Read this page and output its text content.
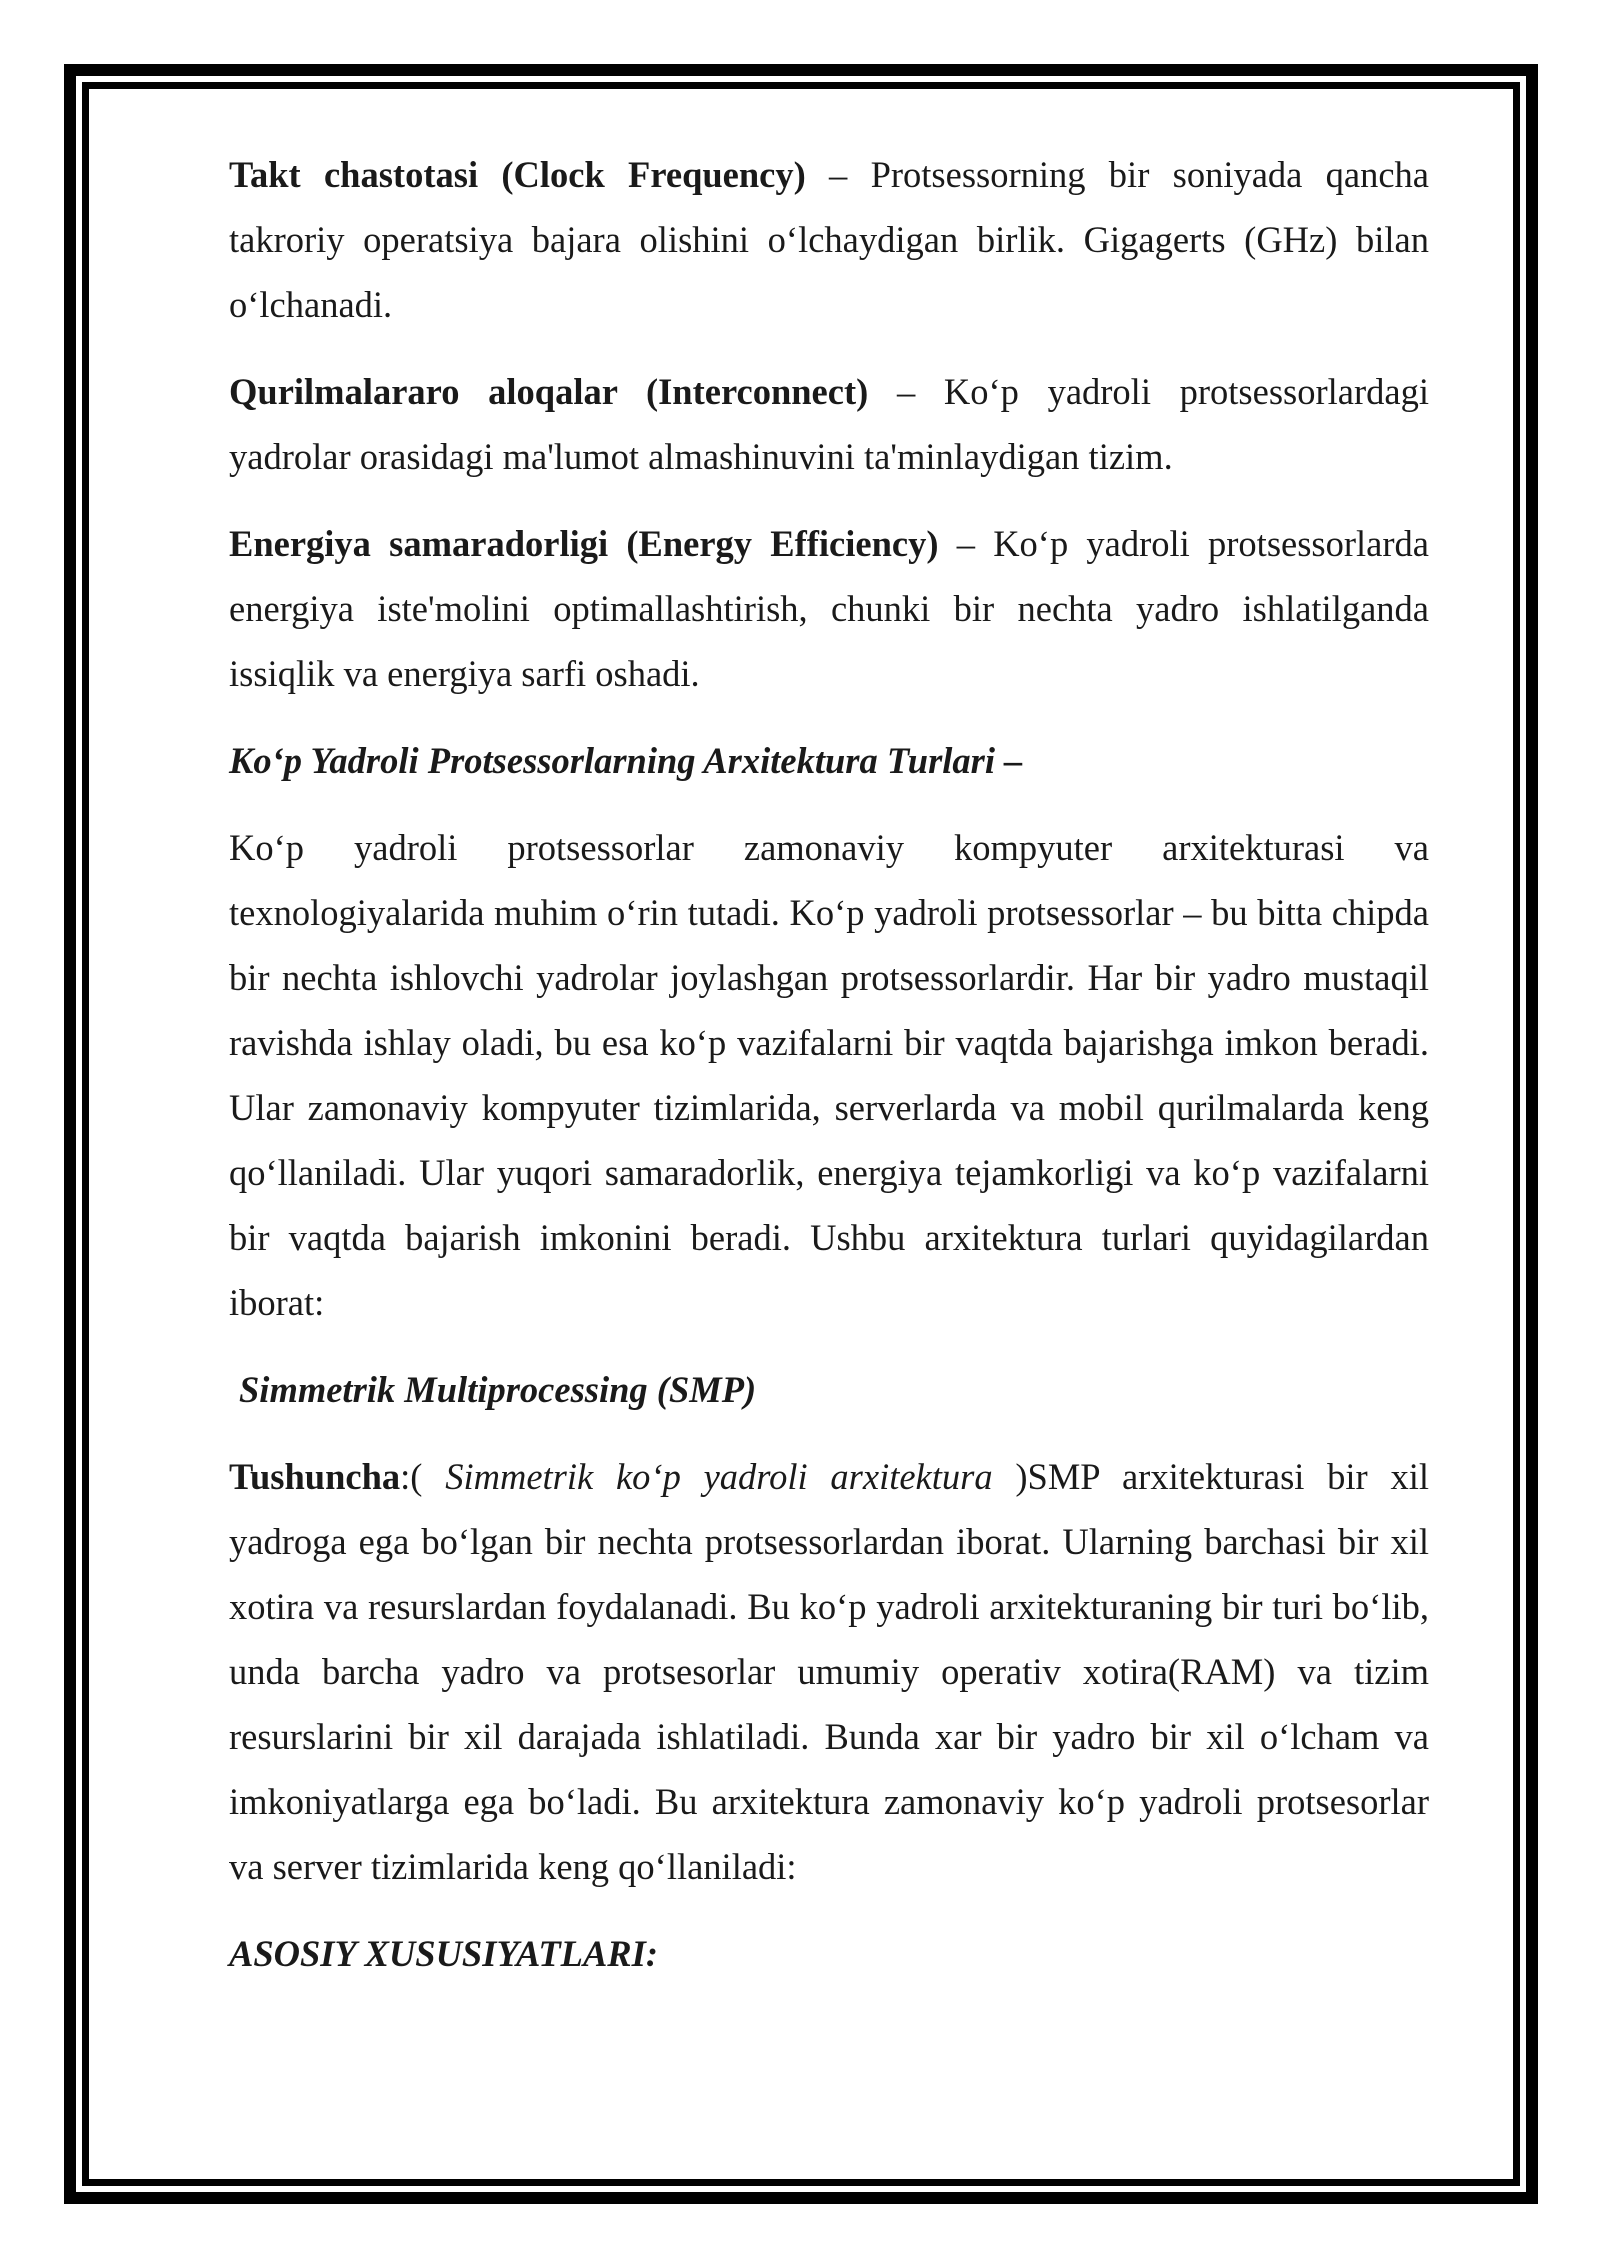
Takt chastotasi (Clock Frequency) – Protsessorning bir soniyada qancha takroriy operatsiya bajara olishini o‘lchaydigan birlik. Gigagerts (GHz) bilan o‘lchanadi.

Qurilmalararo aloqalar (Interconnect) – Ko‘p yadroli protsessorlardagi yadrolar orasidagi ma'lumot almashinuvini ta'minlaydigan tizim.

Energiya samaradorligi (Energy Efficiency) – Ko‘p yadroli protsessorlarda energiya iste'molini optimallashtirish, chunki bir nechta yadro ishlatilganda issiqlik va energiya sarfi oshadi.

Ko‘p Yadroli Protsessorlarning Arxitektura Turlari –

Ko‘p yadroli protsessorlar zamonaviy kompyuter arxitekturasi va texnologiyalarida muhim o‘rin tutadi. Ko‘p yadroli protsessorlar – bu bitta chipda bir nechta ishlovchi yadrolar joylashgan protsessorlardir. Har bir yadro mustaqil ravishda ishlay oladi, bu esa ko‘p vazifalarni bir vaqtda bajarishga imkon beradi. Ular zamonaviy kompyuter tizimlarida, serverlarda va mobil qurilmalarda keng qo‘llaniladi. Ular yuqori samaradorlik, energiya tejamkorligi va ko‘p vazifalarni bir vaqtda bajarish imkonini beradi. Ushbu arxitektura turlari quyidagilardan iborat:

Simmetrik Multiprocessing (SMP)

Tushuncha:( Simmetrik ko‘p yadroli arxitektura )SMP arxitekturasi bir xil yadroga ega bo‘lgan bir nechta protsessorlardan iborat. Ularning barchasi bir xil xotira va resurslardan foydalanadi. Bu ko‘p yadroli arxitekturaning bir turi bo‘lib, unda barcha yadro va protsesorlar umumiy operativ xotira(RAM) va tizim resurslarini bir xil darajada ishlatiladi. Bunda xar bir yadro bir xil o‘lcham va imkoniyatlarga ega bo‘ladi. Bu arxitektura zamonaviy ko‘p yadroli protsesorlar va server tizimlarida keng qo‘llaniladi:

ASOSIY XUSUSIYATLARI:
